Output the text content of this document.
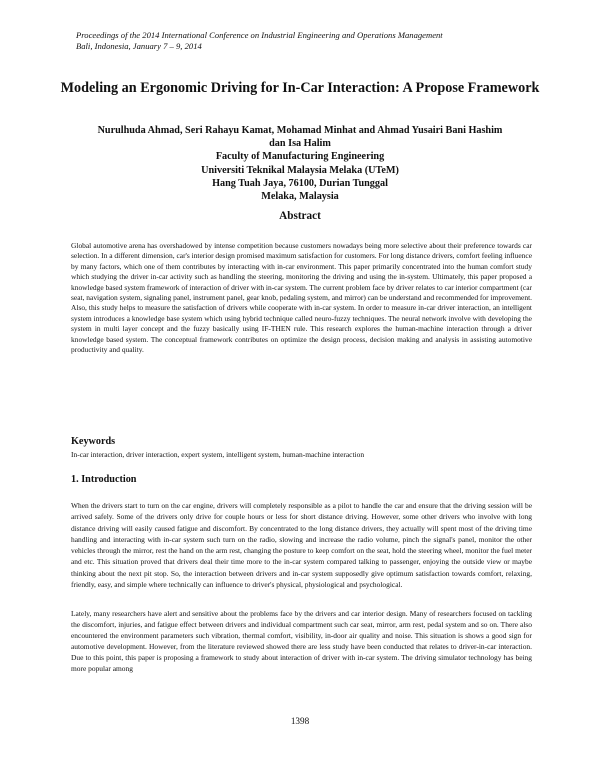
Proceedings of the 2014 International Conference on Industrial Engineering and Operations Management
Bali, Indonesia, January 7 – 9, 2014
Modeling an Ergonomic Driving for In-Car Interaction: A Propose Framework
Nurulhuda Ahmad, Seri Rahayu Kamat, Mohamad Minhat and Ahmad Yusairi Bani Hashim dan Isa Halim
Faculty of Manufacturing Engineering
Universiti Teknikal Malaysia Melaka (UTeM)
Hang Tuah Jaya, 76100, Durian Tunggal
Melaka, Malaysia
Abstract
Global automotive arena has overshadowed by intense competition because customers nowadays being more selective about their preference towards car selection. In a different dimension, car's interior design promised maximum satisfaction for customers. For long distance drivers, comfort feeling influence by many factors, which one of them contributes by interacting with in-car environment. This paper primarily concentrated into the human comfort study which studying the driver in-car activity such as handling the steering, monitoring the driving and using the in-system. Ultimately, this paper proposed a knowledge based system framework of interaction of driver with in-car system. The current problem face by driver relates to car interior compartment (car seat, navigation system, signaling panel, instrument panel, gear knob, pedaling system, and mirror) can be understand and recommended for improvement. Also, this study helps to measure the satisfaction of drivers while cooperate with in-car system. In order to measure in-car driver interaction, an intelligent system introduces a knowledge base system which using hybrid technique called neuro-fuzzy techniques. The neural network involve with developing the system in multi layer concept and the fuzzy basically using IF-THEN rule. This research explores the human-machine interaction through a driver knowledge based system. The conceptual framework contributes on optimize the design process, decision making and analysis in assisting automotive productivity and quality.
Keywords
In-car interaction, driver interaction, expert system, intelligent system, human-machine interaction
1. Introduction
When the drivers start to turn on the car engine, drivers will completely responsible as a pilot to handle the car and ensure that the driving session will be arrived safely. Some of the drivers only drive for couple hours or less for short distance driving. However, some other drivers who involve with long distance driving will easily caused fatigue and discomfort. By concentrated to the long distance drivers, they actually will spent most of the driving time handling and interacting with in-car system such turn on the radio, slowing and increase the radio volume, pinch the signal's panel, monitor the other vehicles through the mirror, rest the hand on the arm rest, changing the posture to keep comfort on the seat, hold the steering wheel, monitor the fuel meter and etc. This situation proved that drivers deal their time more to the in-car system compared talking to passenger, enjoying the outside view or maybe thinking about the next pit stop. So, the interaction between drivers and in-car system supposedly give optimum satisfaction towards comfort, relaxing, friendly, easy, and simple where technically can influence to driver's physical, physiological and psychological.
Lately, many researchers have alert and sensitive about the problems face by the drivers and car interior design. Many of researchers focused on tackling the discomfort, injuries, and fatigue effect between drivers and individual compartment such car seat, mirror, arm rest, pedal system and so on. There also encountered the environment parameters such vibration, thermal comfort, visibility, in-door air quality and noise. This situation is shows a good sign for automotive development. However, from the literature reviewed showed there are less study have been conducted that relates to driver-in-car interaction. Due to this point, this paper is proposing a framework to study about interaction of driver with in-car system. The driving simulator technology has being more popular among
1398
